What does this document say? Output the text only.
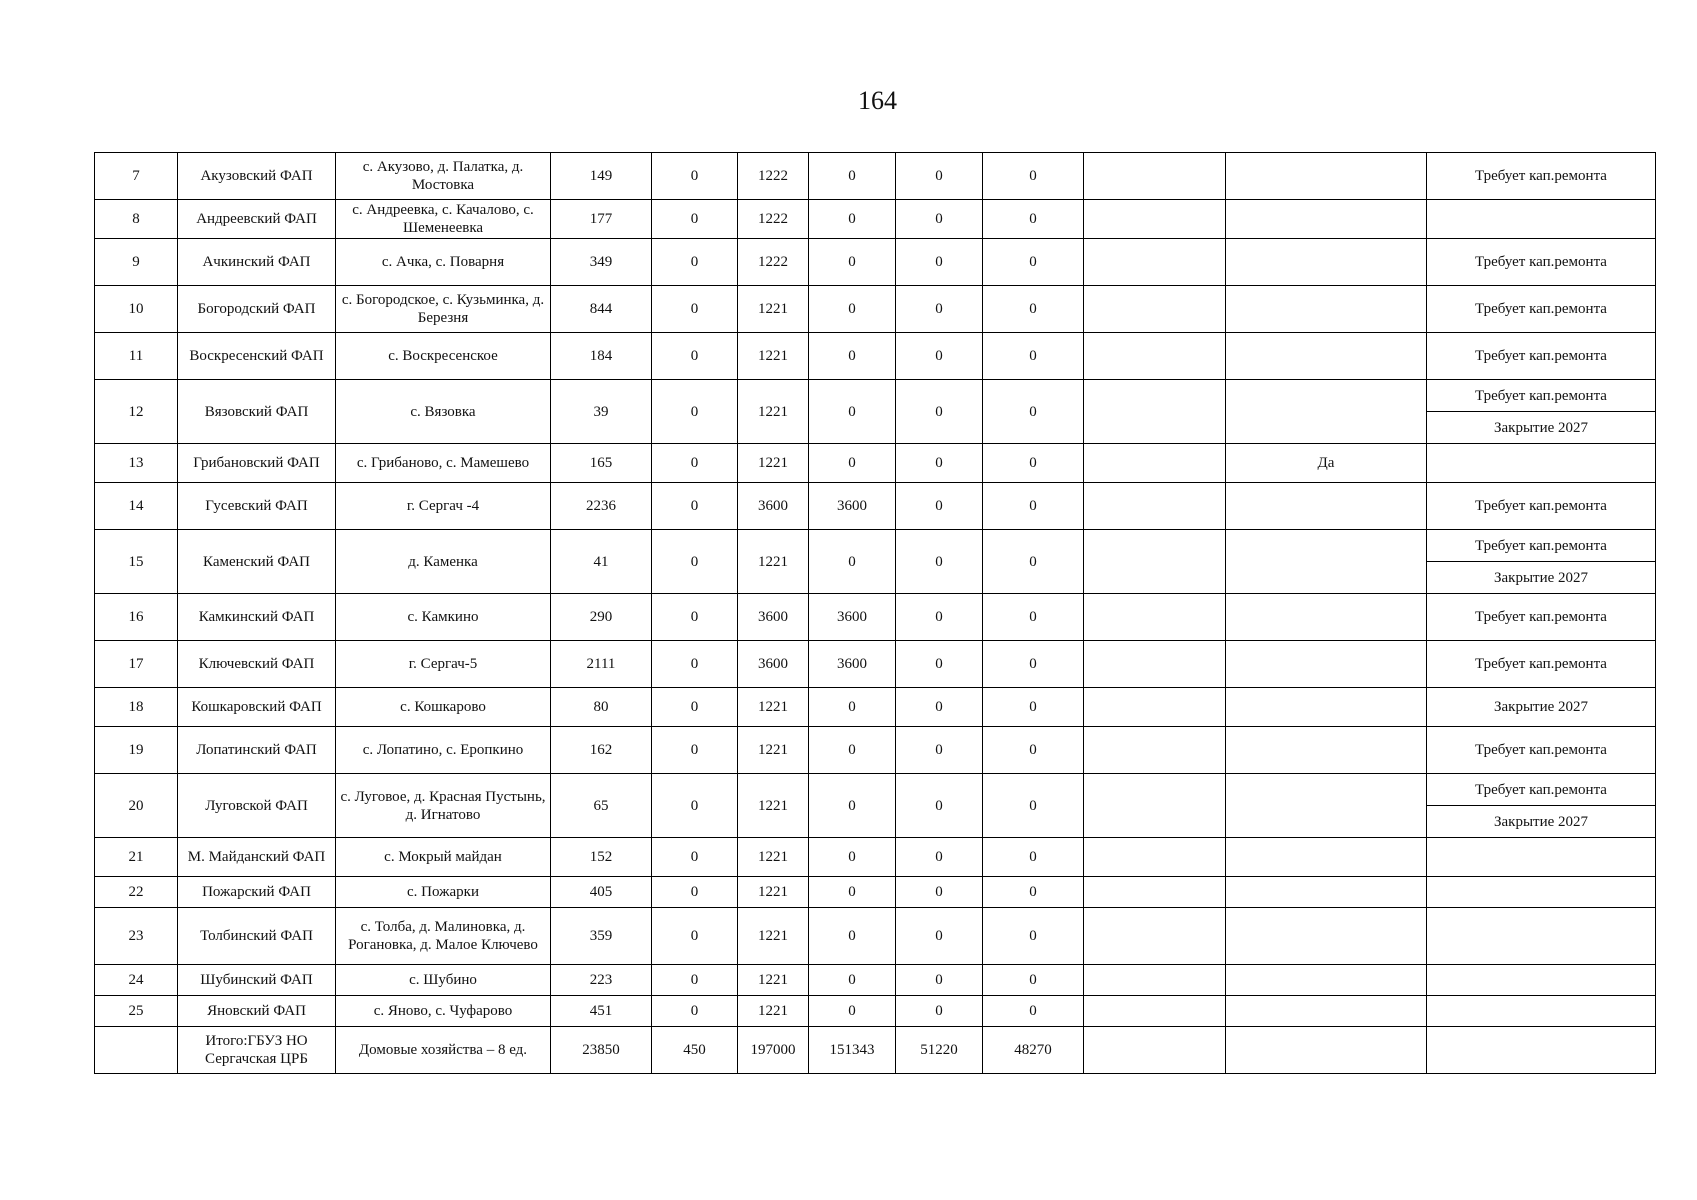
164
7	Акузовский ФАП	с. Акузово, д. Палатка, д. Мостовка	149	0	1222	0	0	0			Требует кап.ремонта
8	Андреевский ФАП	с. Андреевка, с. Качалово, с. Шеменеевка	177	0	1222	0	0	0			
9	Ачкинский ФАП	с. Ачка, с. Поварня	349	0	1222	0	0	0			Требует кап.ремонта
10	Богородский ФАП	с. Богородское, с. Кузьминка, д. Березня	844	0	1221	0	0	0			Требует кап.ремонта
11	Воскресенский ФАП	с. Воскресенское	184	0	1221	0	0	0			Требует кап.ремонта
12	Вязовский ФАП	с. Вязовка	39	0	1221	0	0	0			Требует кап.ремонта
											Закрытие 2027
13	Грибановский ФАП	с. Грибаново, с. Мамешево	165	0	1221	0	0	0		Да	
14	Гусевский ФАП	г. Сергач -4	2236	0	3600	3600	0	0			Требует кап.ремонта
15	Каменский ФАП	д. Каменка	41	0	1221	0	0	0			Требует кап.ремонта
											Закрытие 2027
16	Камкинский ФАП	с. Камкино	290	0	3600	3600	0	0			Требует кап.ремонта
17	Ключевский ФАП	г. Сергач-5	2111	0	3600	3600	0	0			Требует кап.ремонта
18	Кошкаровский ФАП	с. Кошкарово	80	0	1221	0	0	0			Закрытие 2027
19	Лопатинский ФАП	с. Лопатино, с. Еропкино	162	0	1221	0	0	0			Требует кап.ремонта
20	Луговской ФАП	с. Луговое, д. Красная Пустынь, д. Игнатово	65	0	1221	0	0	0			Требует кап.ремонта
											Закрытие 2027
21	М. Майданский ФАП	с. Мокрый майдан	152	0	1221	0	0	0			
22	Пожарский ФАП	с. Пожарки	405	0	1221	0	0	0			
23	Толбинский ФАП	с. Толба, д. Малиновка, д. Рогановка, д. Малое Ключево	359	0	1221	0	0	0			
24	Шубинский ФАП	с. Шубино	223	0	1221	0	0	0			
25	Яновский ФАП	с. Яново, с. Чуфарово	451	0	1221	0	0	0			
	Итого:ГБУЗ НО Сергачская ЦРБ	Домовые хозяйства – 8 ед.	23850	450	197000	151343	51220	48270			
